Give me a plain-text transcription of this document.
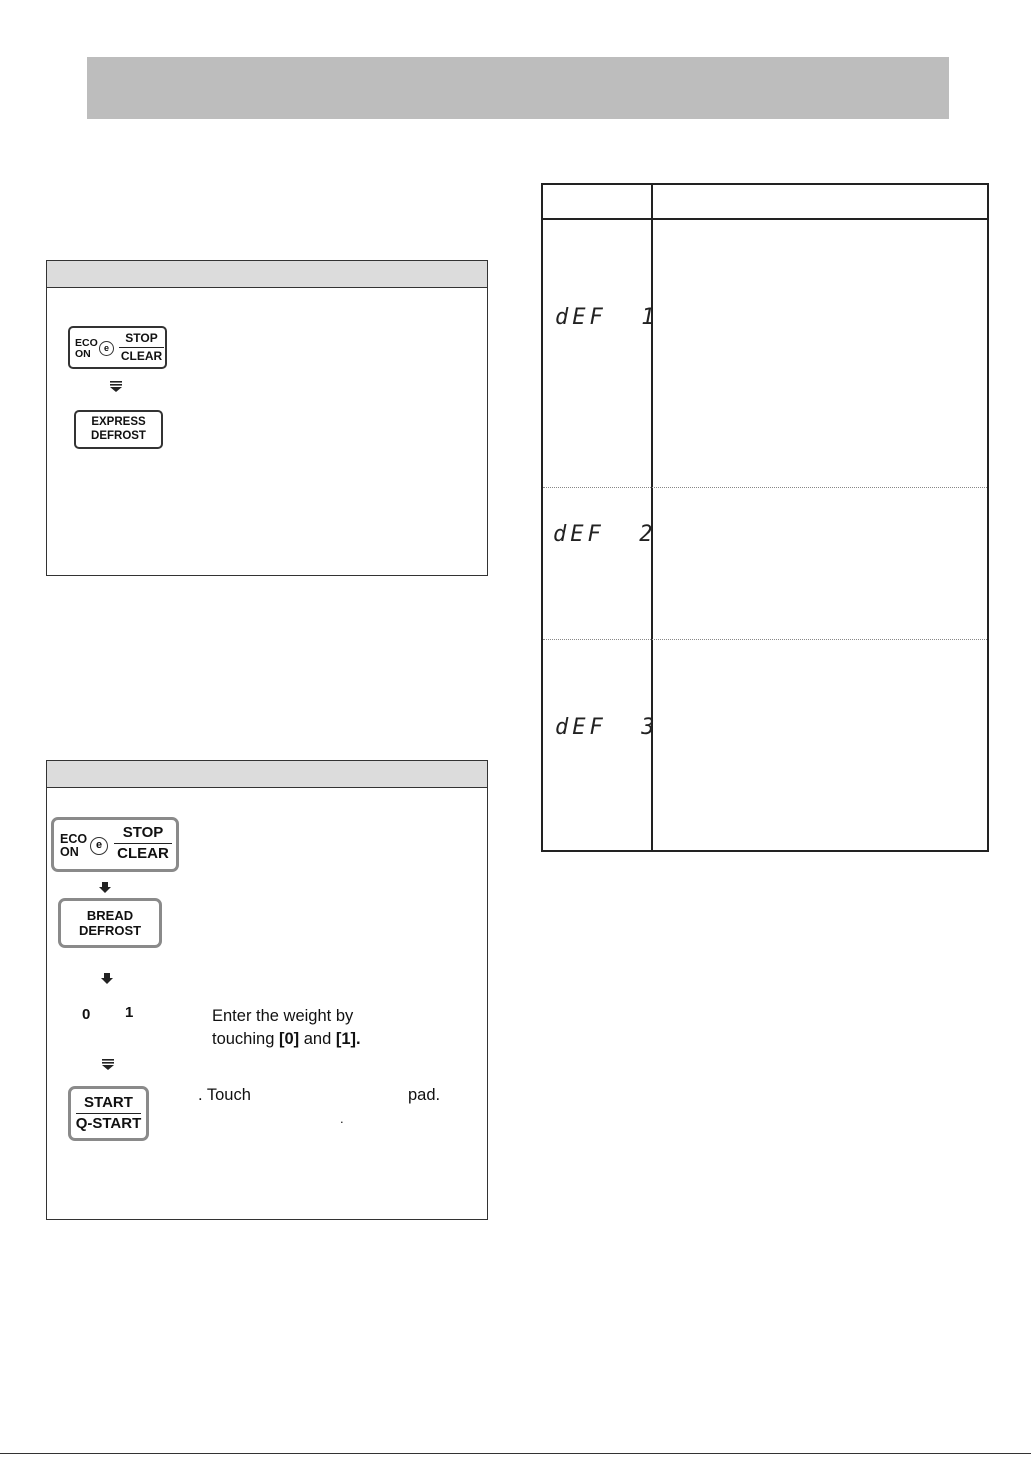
ECO
ON	e
STOP
CLEAR
EXPRESS
DEFROST
ECO
ON	e
STOP
CLEAR
BREAD
DEFROST
0 1	Enter the weight by
touching [0] and [1].
START
Q-START
. Touch	pad.
.
dEF  1
dEF  2
dEF  3
